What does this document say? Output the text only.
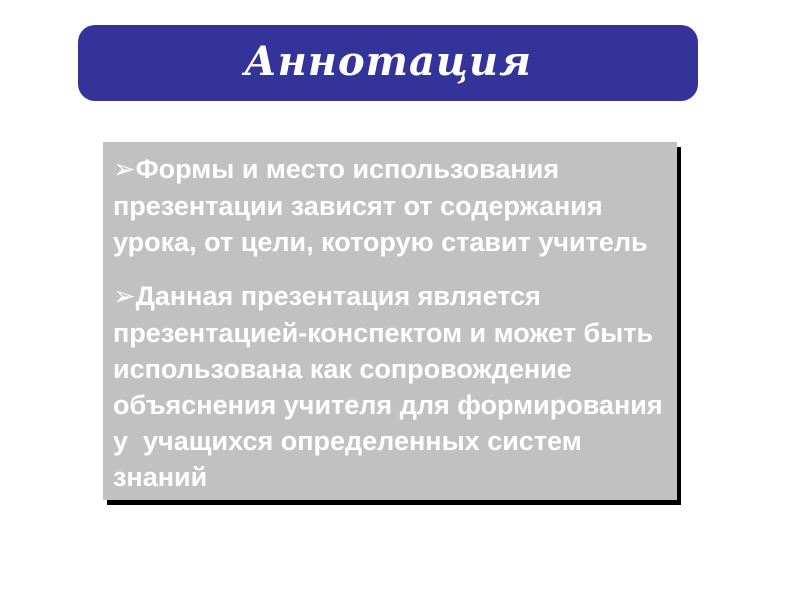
Аннотация
➢Формы и место использования
презентации зависят от содержания
урока, от цели, которую ставит учитель
➢Данная презентация является
презентацией-конспектом и может быть
использована как сопровождение
объяснения учителя для формирования
у  учащихся определенных систем
знаний
